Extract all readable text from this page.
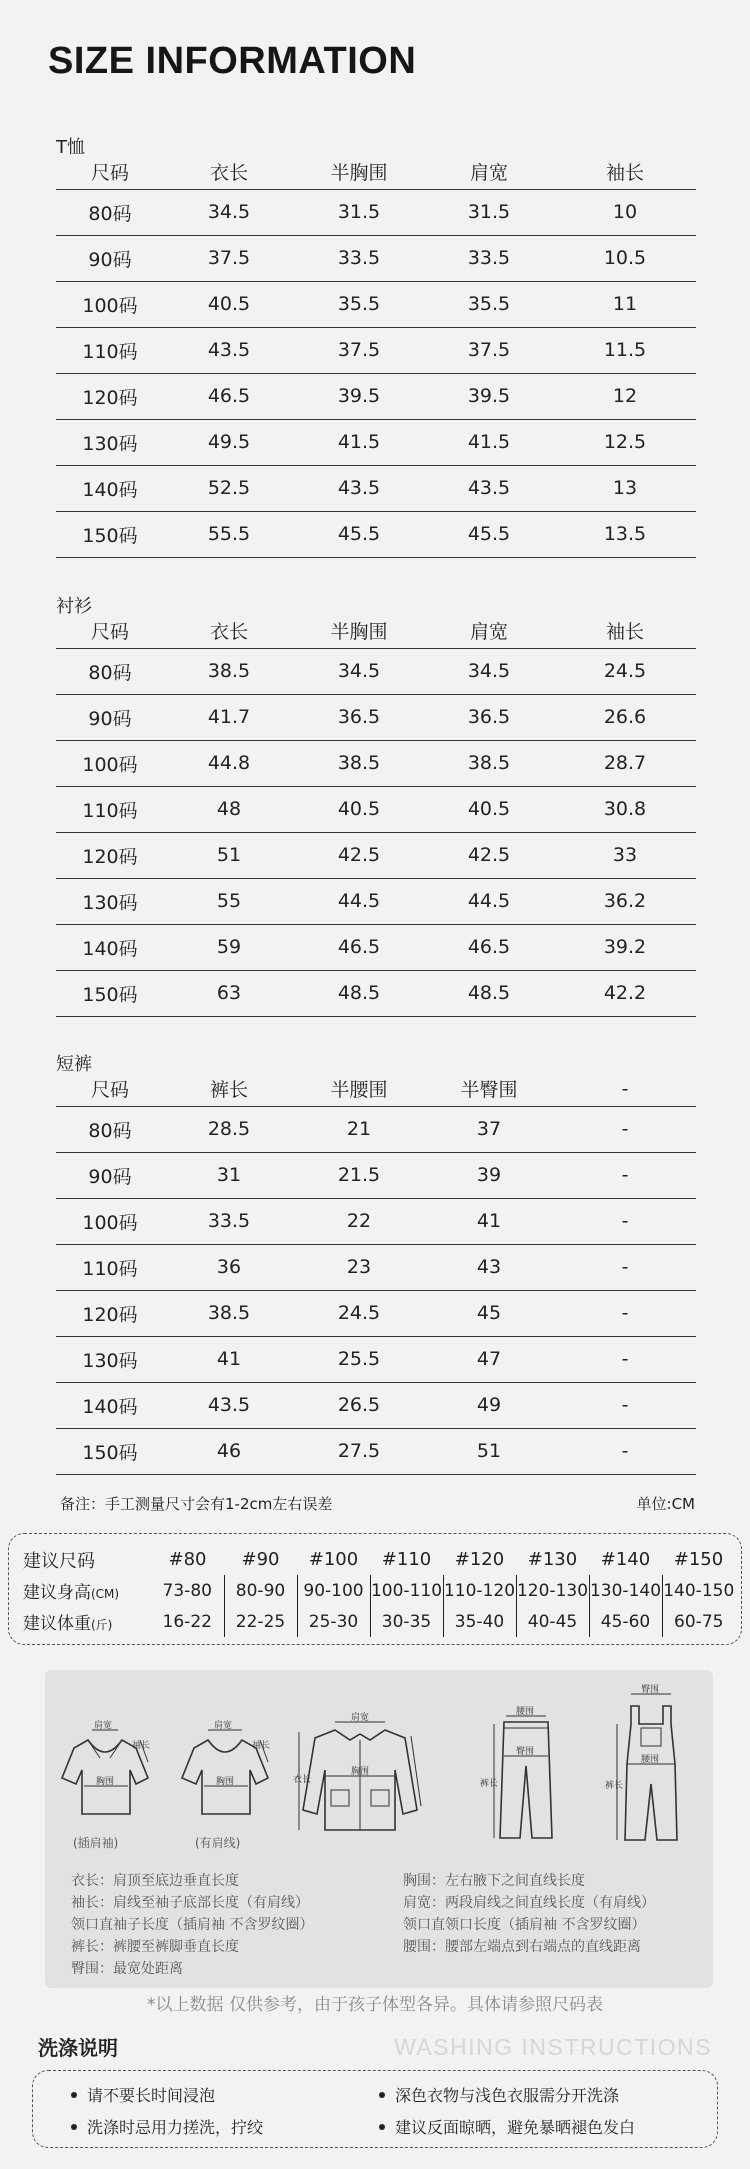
SIZE INFORMATION
T恤
尺码	衣长	半胸围	肩宽	袖长
80码	34.5	31.5	31.5	10
90码	37.5	33.5	33.5	10.5
100码	40.5	35.5	35.5	11
110码	43.5	37.5	37.5	11.5
120码	46.5	39.5	39.5	12
130码	49.5	41.5	41.5	12.5
140码	52.5	43.5	43.5	13
150码	55.5	45.5	45.5	13.5
衬衫
尺码	衣长	半胸围	肩宽	袖长
80码	38.5	34.5	34.5	24.5
90码	41.7	36.5	36.5	26.6
100码	44.8	38.5	38.5	28.7
110码	48	40.5	40.5	30.8
120码	51	42.5	42.5	33
130码	55	44.5	44.5	36.2
140码	59	46.5	46.5	39.2
150码	63	48.5	48.5	42.2
短裤
尺码	裤长	半腰围	半臀围	-
80码	28.5	21	37	-
90码	31	21.5	39	-
100码	33.5	22	41	-
110码	36	23	43	-
120码	38.5	24.5	45	-
130码	41	25.5	47	-
140码	43.5	26.5	49	-
150码	46	27.5	51	-
备注：手工测量尺寸会有1-2cm左右误差	单位:CM
建议尺码	#80	#90	#100	#110	#120	#130	#140	#150
建议身高(CM)	73-80	80-90	90-100	100-110	110-120	120-130	130-140	140-150
建议体重(斤)	16-22	22-25	25-30	30-35	35-40	40-45	45-60	60-75
肩宽
胸围
袖长
(插肩袖)
肩宽
胸围
袖长
(有肩线)
肩宽
衣长
胸围
腰围
臀围
裤长
臀围
腰围
裤长
衣长：肩顶至底边垂直长度
袖长：肩线至袖子底部长度（有肩线）
领口直袖子长度（插肩袖 不含罗纹圈）
裤长：裤腰至裤脚垂直长度
臀围：最宽处距离
胸围：左右腋下之间直线长度
肩宽：两段肩线之间直线长度（有肩线）
领口直领口长度（插肩袖 不含罗纹圈）
腰围：腰部左端点到右端点的直线距离
*以上数据 仅供参考，由于孩子体型各异。具体请参照尺码表
洗涤说明	WASHING INSTRUCTIONS
请不要长时间浸泡	深色衣物与浅色衣服需分开洗涤
洗涤时忌用力搓洗，拧绞	建议反面晾晒，避免暴晒褪色发白
